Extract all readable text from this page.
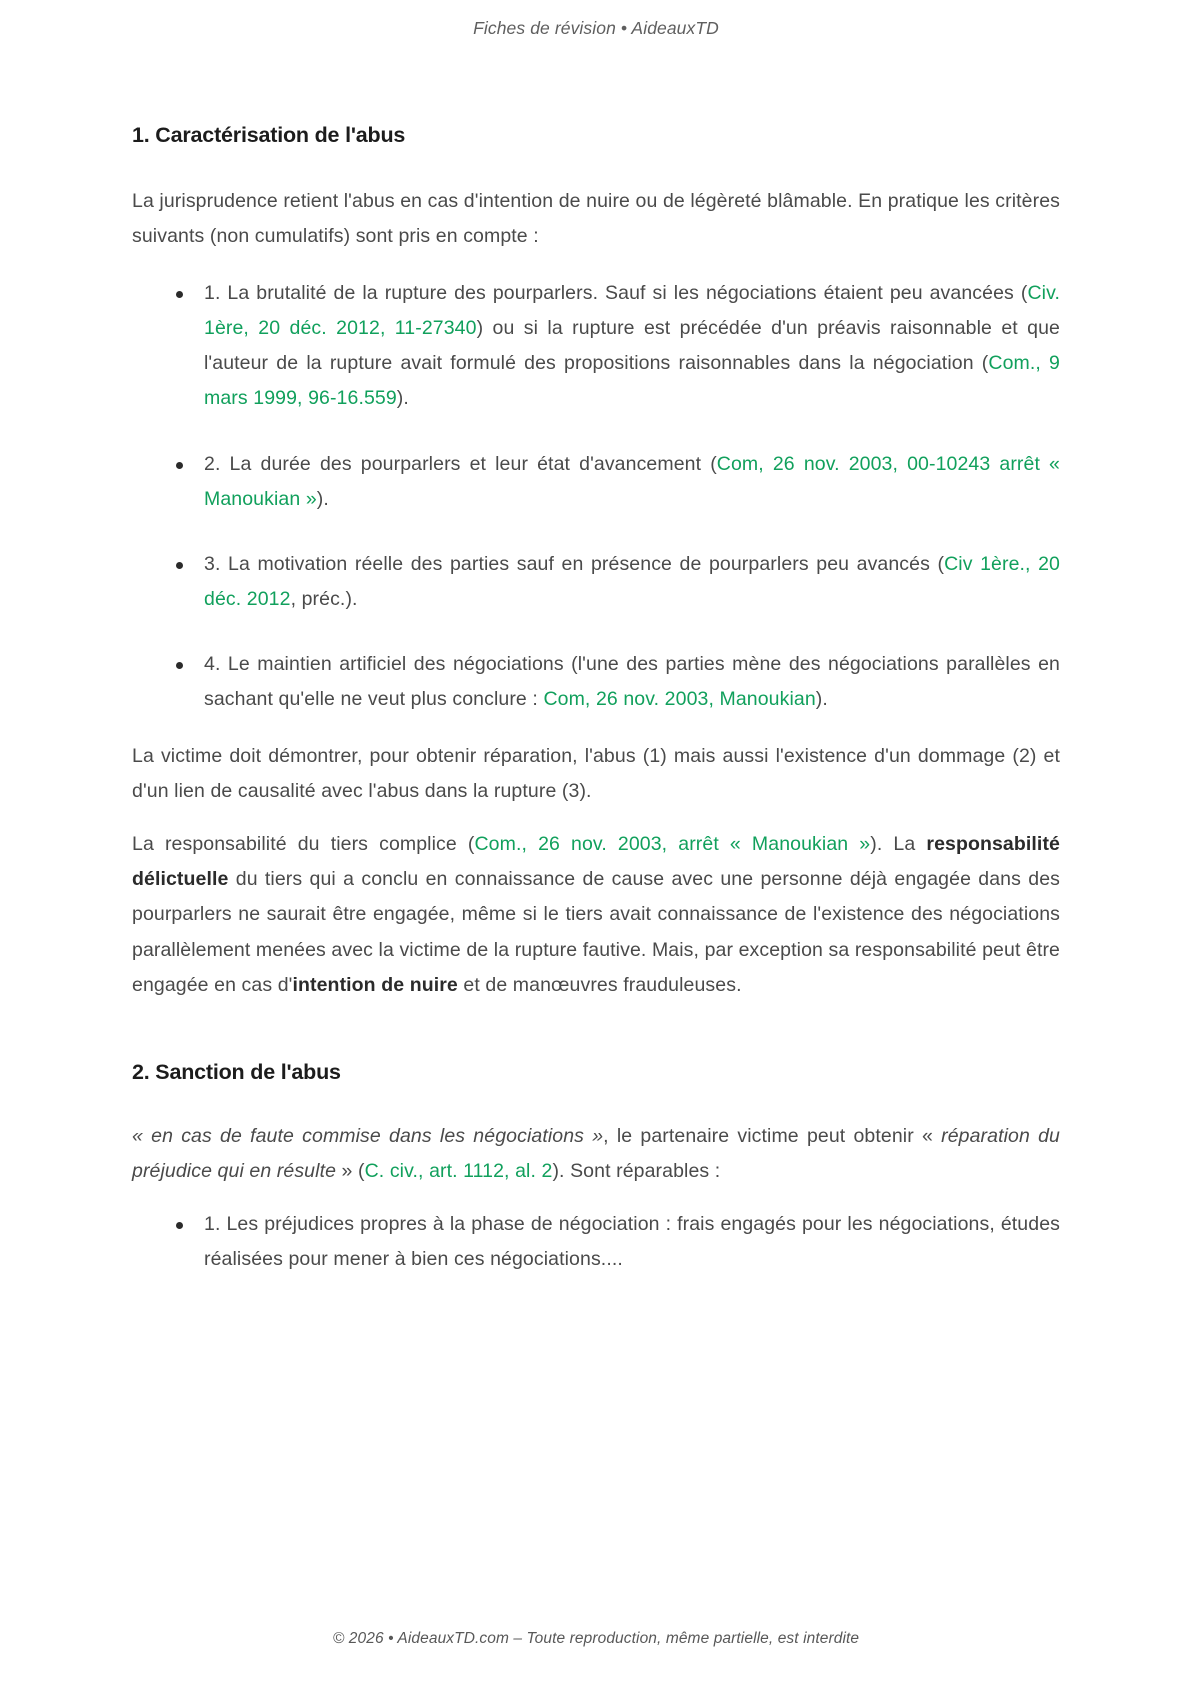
Fiches de révision • AideauxTD
1. Caractérisation de l'abus

La jurisprudence retient l'abus en cas d'intention de nuire ou de légèreté blâmable. En pratique les critères suivants (non cumulatifs) sont pris en compte :

1. La brutalité de la rupture des pourparlers. Sauf si les négociations étaient peu avancées (Civ. 1ère, 20 déc. 2012, 11-27340) ou si la rupture est précédée d'un préavis raisonnable et que l'auteur de la rupture avait formulé des propositions raisonnables dans la négociation (Com., 9 mars 1999, 96-16.559).
2. La durée des pourparlers et leur état d'avancement (Com, 26 nov. 2003, 00-10243 arrêt « Manoukian »).
3. La motivation réelle des parties sauf en présence de pourparlers peu avancés (Civ 1ère., 20 déc. 2012, préc.).
4. Le maintien artificiel des négociations (l'une des parties mène des négociations parallèles en sachant qu'elle ne veut plus conclure : Com, 26 nov. 2003, Manoukian).

La victime doit démontrer, pour obtenir réparation, l'abus (1) mais aussi l'existence d'un dommage (2) et d'un lien de causalité avec l'abus dans la rupture (3).

La responsabilité du tiers complice (Com., 26 nov. 2003, arrêt « Manoukian »). La responsabilité délictuelle du tiers qui a conclu en connaissance de cause avec une personne déjà engagée dans des pourparlers ne saurait être engagée, même si le tiers avait connaissance de l'existence des négociations parallèlement menées avec la victime de la rupture fautive. Mais, par exception sa responsabilité peut être engagée en cas d'intention de nuire et de manœuvres frauduleuses.

2. Sanction de l'abus

« en cas de faute commise dans les négociations », le partenaire victime peut obtenir « réparation du préjudice qui en résulte » (C. civ., art. 1112, al. 2). Sont réparables :

1. Les préjudices propres à la phase de négociation : frais engagés pour les négociations, études réalisées pour mener à bien ces négociations....
© 2026 • AideauxTD.com – Toute reproduction, même partielle, est interdite
